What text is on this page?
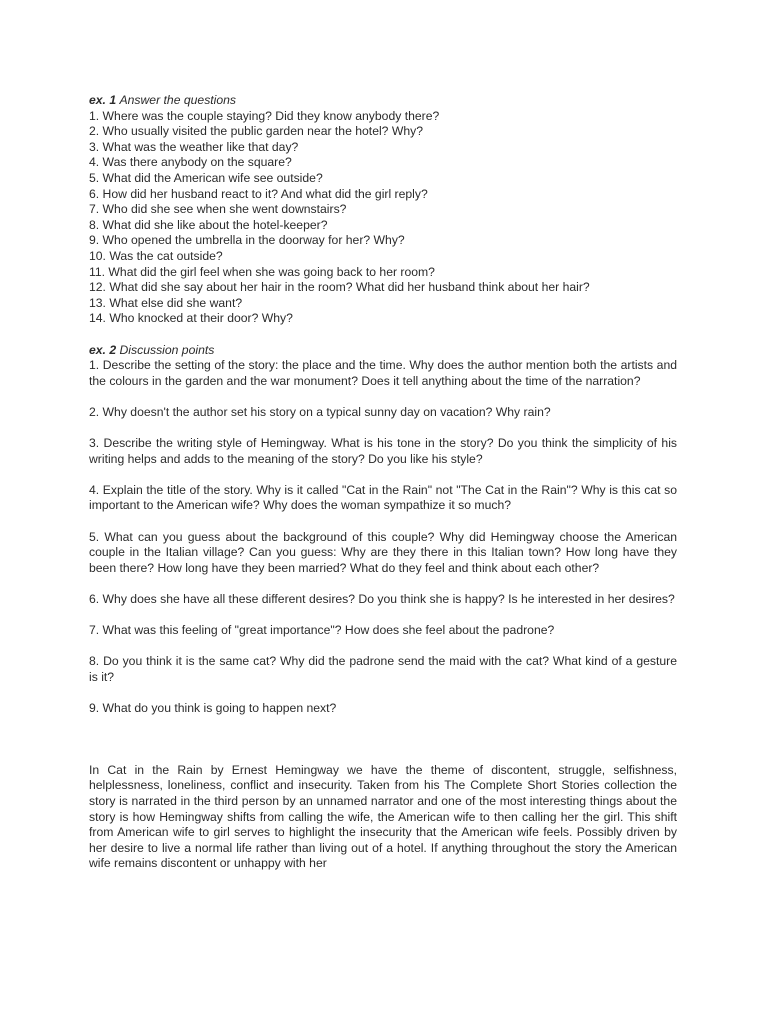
ex. 1 Answer the questions

1. Where was the couple staying? Did they know anybody there?
2. Who usually visited the public garden near the hotel? Why?
3. What was the weather like that day?
4. Was there anybody on the square?
5. What did the American wife see outside?
6. How did her husband react to it? And what did the girl reply?
7. Who did she see when she went downstairs?
8. What did she like about the hotel-keeper?
9. Who opened the umbrella in the doorway for her? Why?
10. Was the cat outside?
11. What did the girl feel when she was going back to her room?
12. What did she say about her hair in the room? What did her husband think about her hair?
13. What else did she want?
14. Who knocked at their door? Why?

ex. 2 Discussion points

1. Describe the setting of the story: the place and the time. Why does the author mention both the artists and the colours in the garden and the war monument? Does it tell anything about the time of the narration?

2. Why doesn't the author set his story on a typical sunny day on vacation? Why rain?

3. Describe the writing style of Hemingway. What is his tone in the story? Do you think the simplicity of his writing helps and adds to the meaning of the story? Do you like his style?

4. Explain the title of the story. Why is it called "Cat in the Rain" not "The Cat in the Rain"? Why is this cat so important to the American wife? Why does the woman sympathize it so much?

5. What can you guess about the background of this couple? Why did Hemingway choose the American couple in the Italian village? Can you guess: Why are they there in this Italian town? How long have they been there? How long have they been married? What do they feel and think about each other?

6. Why does she have all these different desires? Do you think she is happy? Is he interested in her desires?

7. What was this feeling of "great importance"? How does she feel about the padrone?

8. Do you think it is the same cat? Why did the padrone send the maid with the cat? What kind of a gesture is it?

9. What do you think is going to happen next?

In Cat in the Rain by Ernest Hemingway we have the theme of discontent, struggle, selfishness, helplessness, loneliness, conflict and insecurity. Taken from his The Complete Short Stories collection the story is narrated in the third person by an unnamed narrator and one of the most interesting things about the story is how Hemingway shifts from calling the wife, the American wife to then calling her the girl. This shift from American wife to girl serves to highlight the insecurity that the American wife feels. Possibly driven by her desire to live a normal life rather than living out of a hotel. If anything throughout the story the American wife remains discontent or unhappy with her
